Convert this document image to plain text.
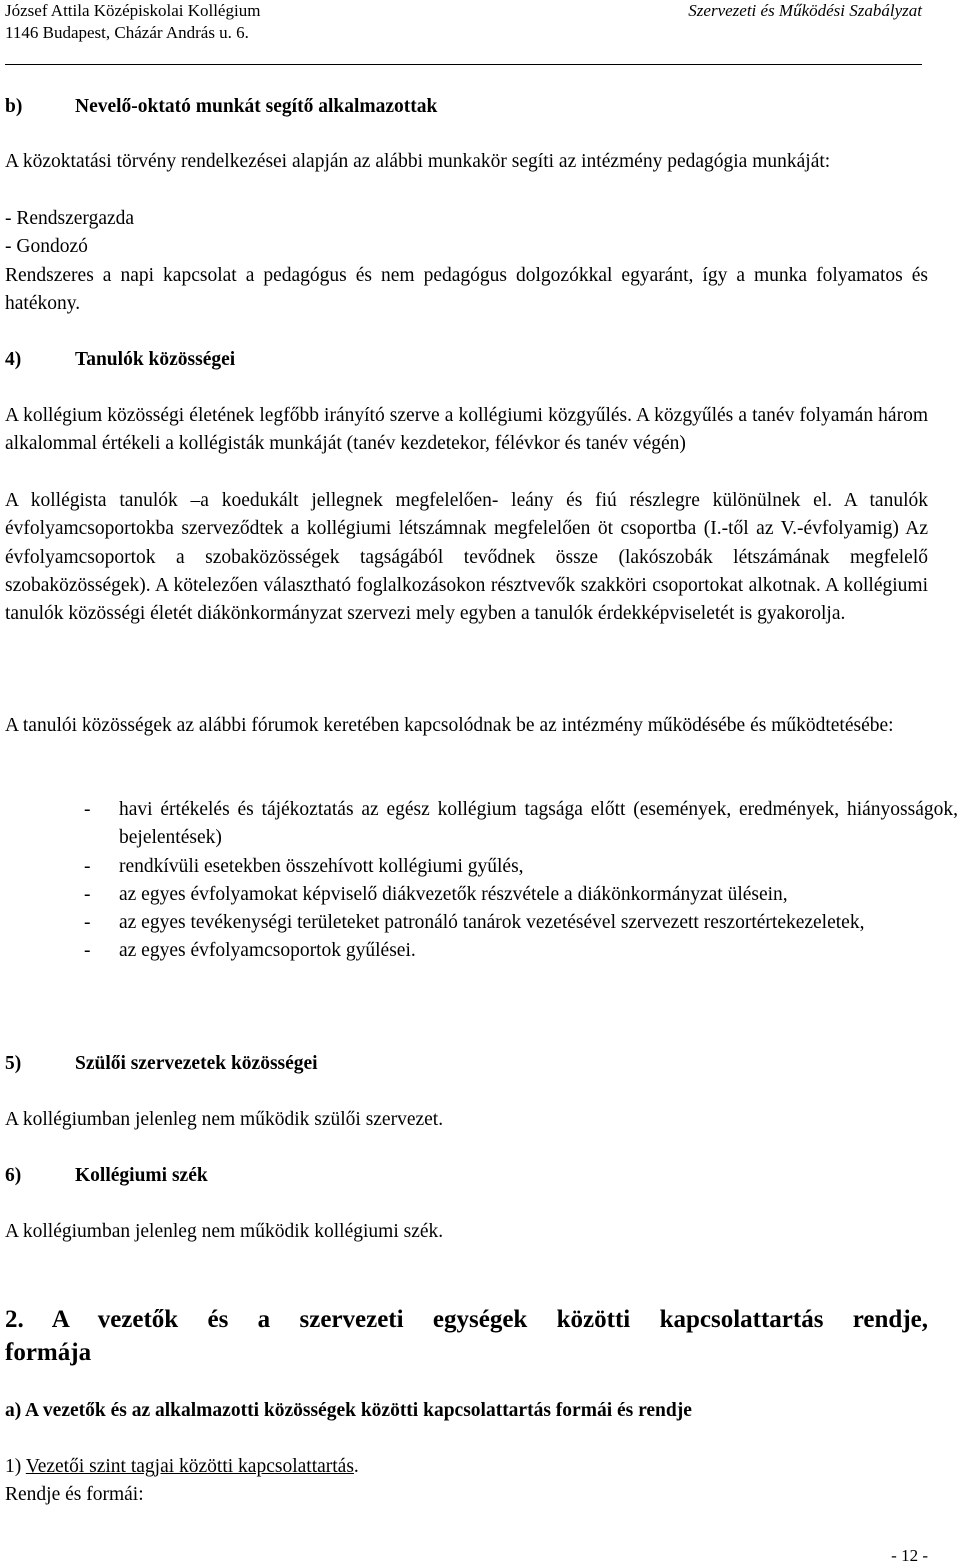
József Attila Középiskolai Kollégium
1146 Budapest, Cházár András u. 6.
Szervezeti és Működési Szabályzat
b)	Nevelő-oktató munkát segítő alkalmazottak
A közoktatási törvény rendelkezései alapján az alábbi munkakör segíti az intézmény pedagógia munkáját:
- Rendszergazda
- Gondozó
Rendszeres a napi kapcsolat a pedagógus és nem pedagógus dolgozókkal egyaránt, így a munka folyamatos és hatékony.
4)	Tanulók közösségei
A kollégium közösségi életének legfőbb irányító szerve a kollégiumi közgyűlés. A közgyűlés a tanév folyamán három alkalommal értékeli a kollégisták munkáját (tanév kezdetekor, félévkor és tanév végén)
A kollégista tanulók –a koedukált jellegnek megfelelően- leány és fiú részlegre különülnek el. A tanulók évfolyamcsoportokba szerveződtek a kollégiumi létszámnak megfelelően öt csoportba (I.-től az V.-évfolyamig) Az évfolyamcsoportok a szobaközösségek tagságából tevődnek össze (lakószobák létszámának megfelelő szobaközösségek). A kötelezően választható foglalkozásokon résztvevők szakköri csoportokat alkotnak. A kollégiumi tanulók közösségi életét diákönkormányzat szervezi mely egyben a tanulók érdekképviseletét is gyakorolja.
A tanulói közösségek az alábbi fórumok keretében kapcsolódnak be az intézmény működésébe és működtetésébe:
- havi értékelés és tájékoztatás az egész kollégium tagsága előtt (események, eredmények, hiányosságok, bejelentések)
- rendkívüli esetekben összehívott kollégiumi gyűlés,
- az egyes évfolyamokat képviselő diákvezetők részvétele a diákönkormányzat ülésein,
- az egyes tevékenységi területeket patronáló tanárok vezetésével szervezett reszortértekezeletek,
- az egyes évfolyamcsoportok gyűlései.
5)	Szülői szervezetek közösségei
A kollégiumban jelenleg nem működik szülői szervezet.
6)	Kollégiumi szék
A kollégiumban jelenleg nem működik kollégiumi szék.
2. A vezetők és a szervezeti egységek közötti kapcsolattartás rendje,
formája
a) A vezetők és az alkalmazotti közösségek közötti kapcsolattartás formái és rendje
1) Vezetői szint tagjai közötti kapcsolattartás.
Rendje és formái:
- 12 -
